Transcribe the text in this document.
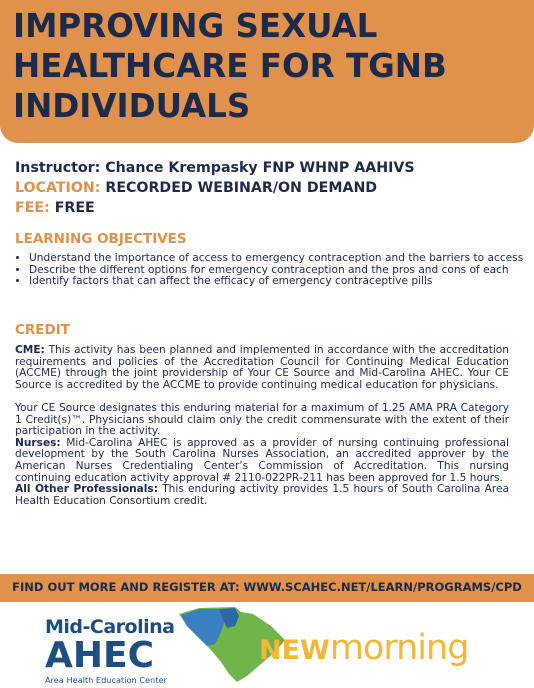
IMPROVING SEXUAL HEALTHCARE FOR TGNB INDIVIDUALS
Instructor: Chance Krempasky FNP WHNP AAHIVS
LOCATION: RECORDED WEBINAR/ON DEMAND
FEE: FREE
LEARNING OBJECTIVES
• Understand the importance of access to emergency contraception and the barriers to access
• Describe the different options for emergency contraception and the pros and cons of each
• Identify factors that can affect the efficacy of emergency contraceptive pills
CREDIT

CME: This activity has been planned and implemented in accordance with the accreditation requirements and policies of the Accreditation Council for Continuing Medical Education (ACCME) through the joint providership of Your CE Source and Mid-Carolina AHEC. Your CE Source is accredited by the ACCME to provide continuing medical education for physicians.

Your CE Source designates this enduring material for a maximum of 1.25 AMA PRA Category 1 Credit(s)™. Physicians should claim only the credit commensurate with the extent of their participation in the activity.

Nurses: Mid-Carolina AHEC is approved as a provider of nursing continuing professional development by the South Carolina Nurses Association, an accredited approver by the American Nurses Credentialing Center’s Commission of Accreditation. This nursing continuing education activity approval # 2110-022PR-211 has been approved for 1.5 hours.

All Other Professionals: This enduring activity provides 1.5 hours of South Carolina Area Health Education Consortium credit.

FIND OUT MORE AND REGISTER AT: WWW.SCAHEC.NET/LEARN/PROGRAMS/CPD
Mid-Carolina
AHEC
Area Health Education Center
NEWmorning
